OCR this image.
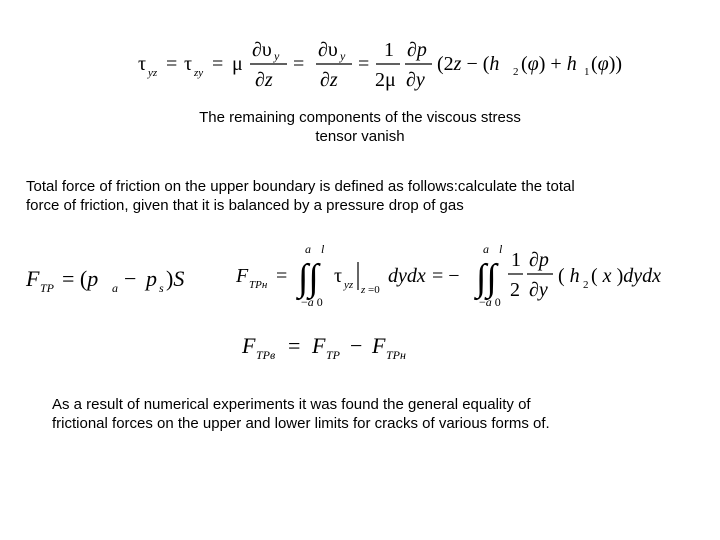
τ yz = τ zy = μ
∂υ y
∂z
=
∂υ y
∂z
=
1
2μ
∂p
∂y
(2z − (h 2 (φ) + h 1 (φ))
F TP = (p a − p s )S	F TPн =
a l
∫∫
−a 0
τ yz z =0
dydx = −
a l
∫∫
−a 0
1
2
∂p
∂y
( h 2 ( x )dydx
F TPв = F TP − F TPн
The remaining components of the viscous stress
tensor vanish
Total force of friction on the upper boundary is defined as follows:calculate the total
force of friction, given that it is balanced by a pressure drop of gas
As a result of numerical experiments it was found the general equality of
frictional forces on the upper and lower limits for cracks of various forms of.
